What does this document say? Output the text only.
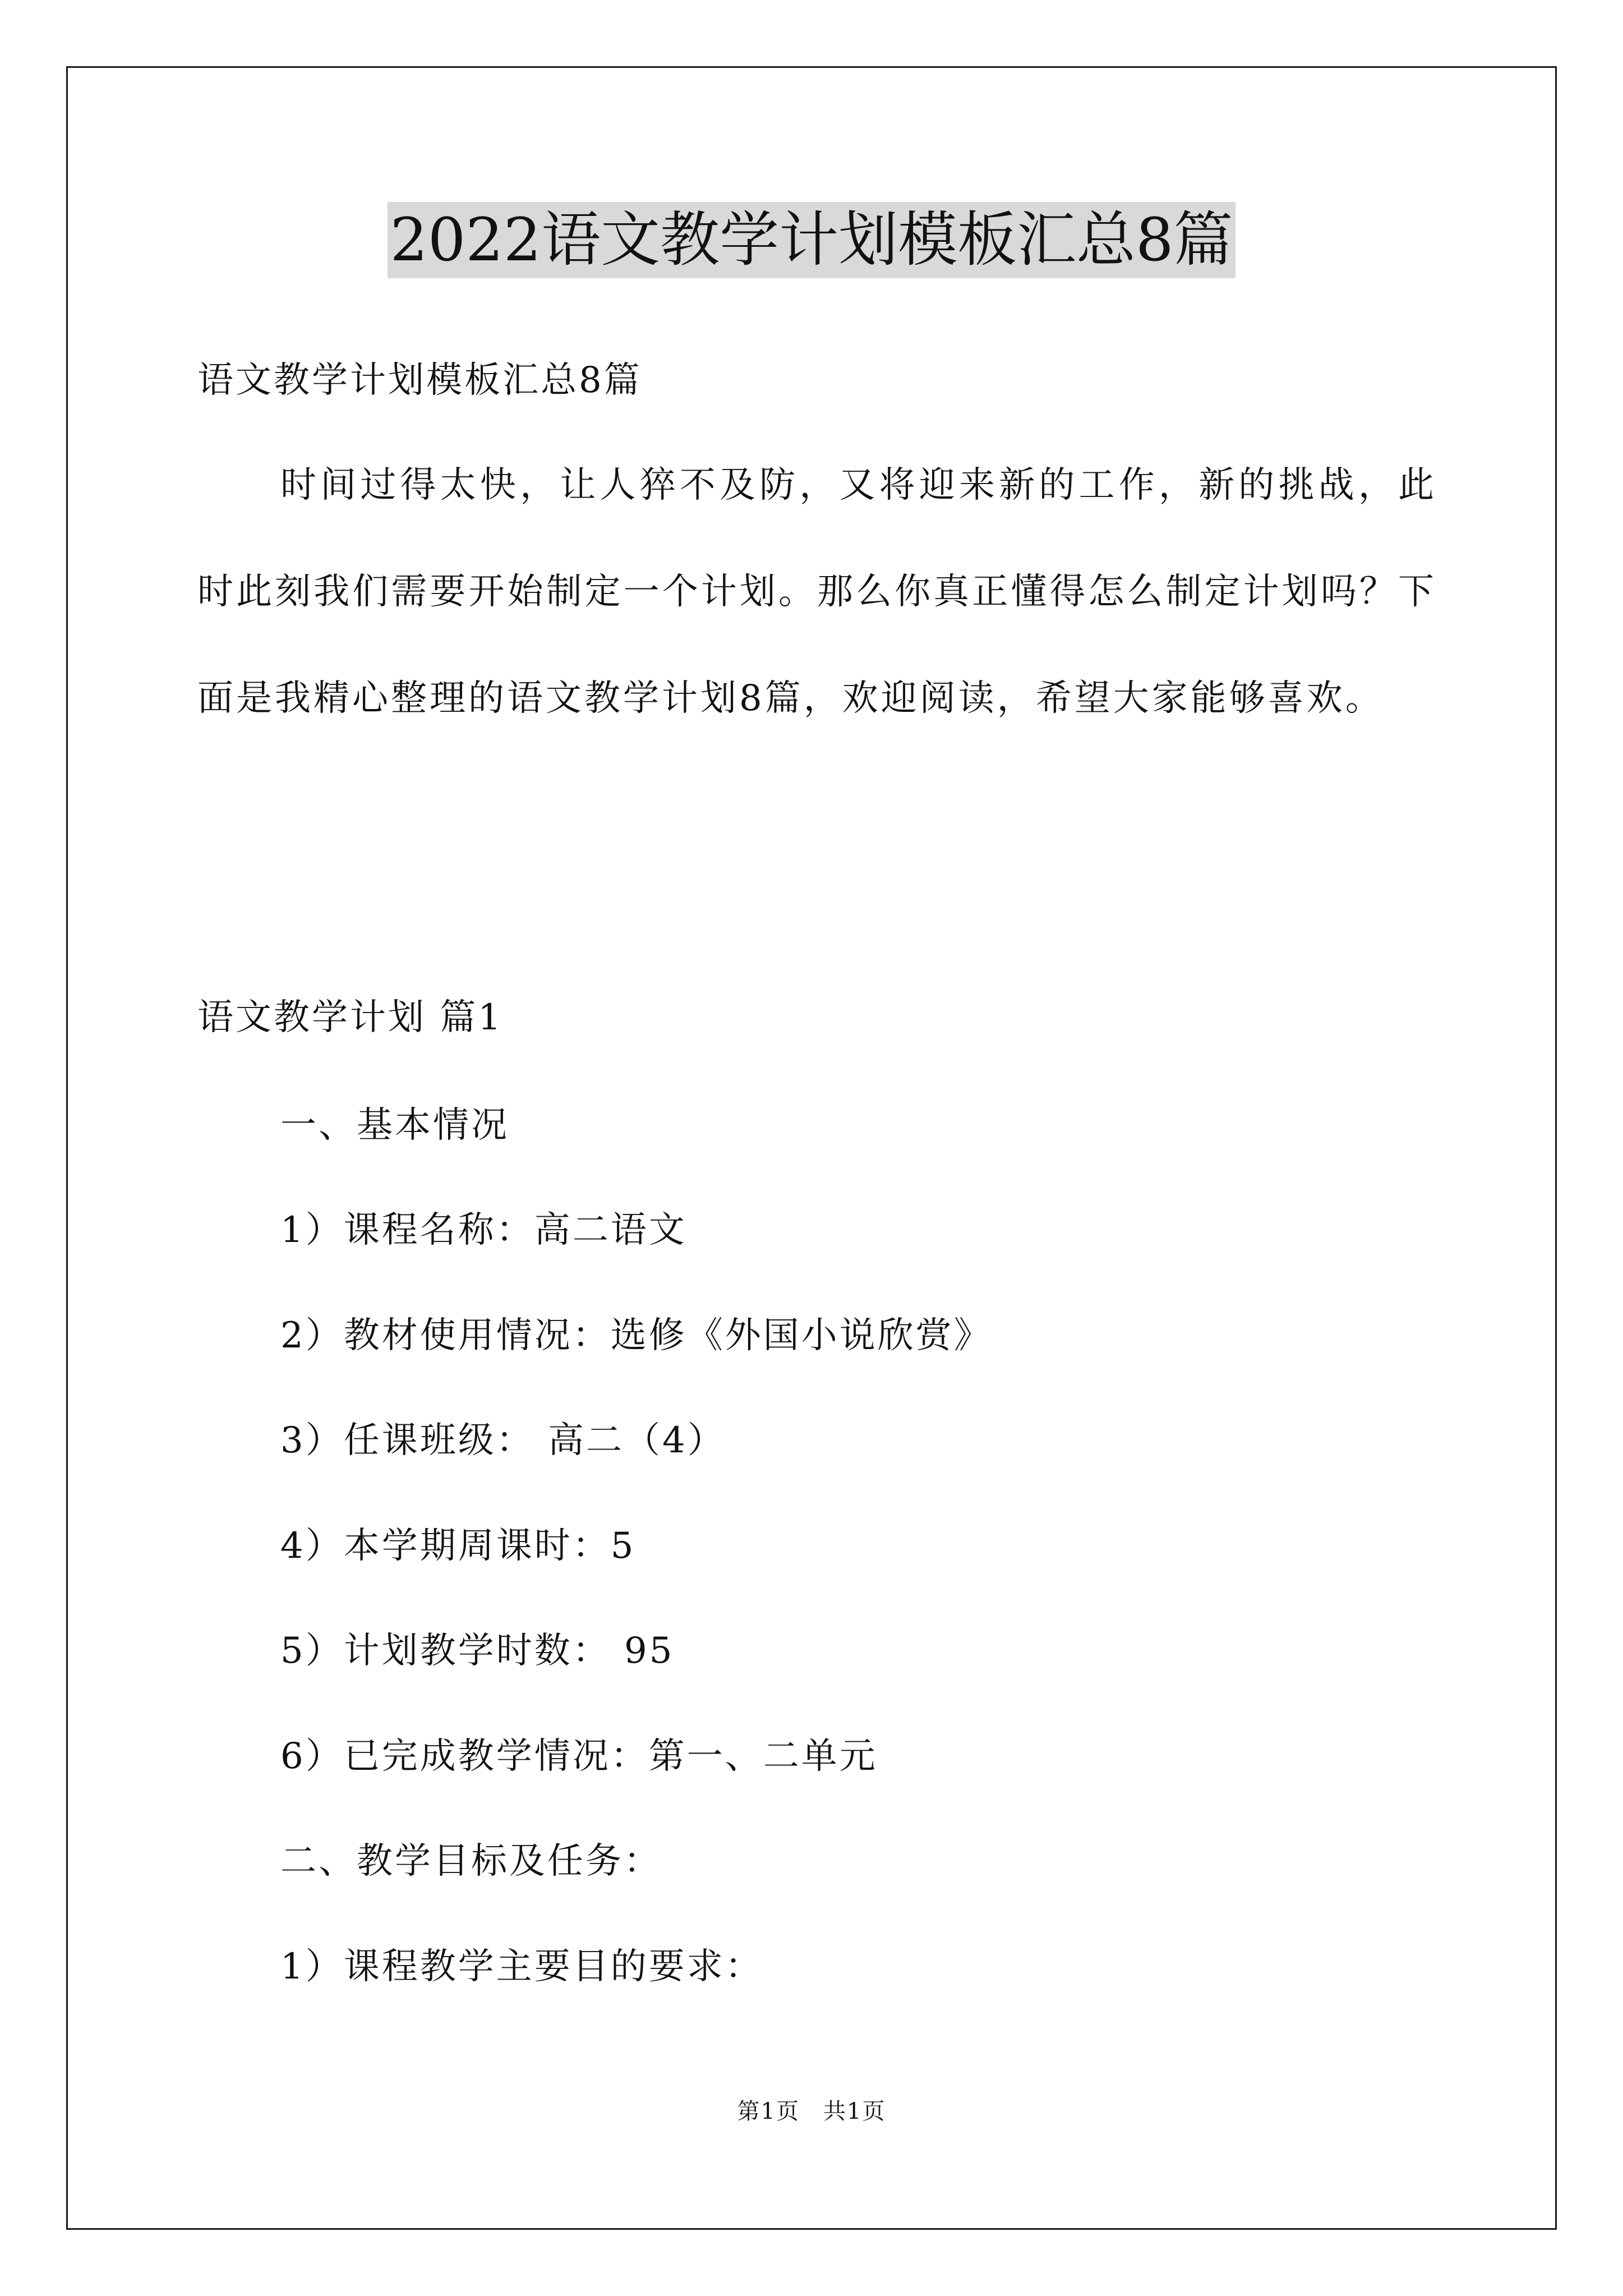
2022语文教学计划模板汇总8篇
语文教学计划模板汇总8篇
时间过得太快，让人猝不及防，又将迎来新的工作，新的挑战，此时此刻我们需要开始制定一个计划。那么你真正懂得怎么制定计划吗？下面是我精心整理的语文教学计划8篇，欢迎阅读，希望大家能够喜欢。
语文教学计划 篇1
一、基本情况
1）课程名称：高二语文
2）教材使用情况：选修《外国小说欣赏》
3）任课班级： 高二（4）
4）本学期周课时：5
5）计划教学时数： 95
6）已完成教学情况：第一、二单元
二、教学目标及任务：
1）课程教学主要目的要求：
第1页　共1页
